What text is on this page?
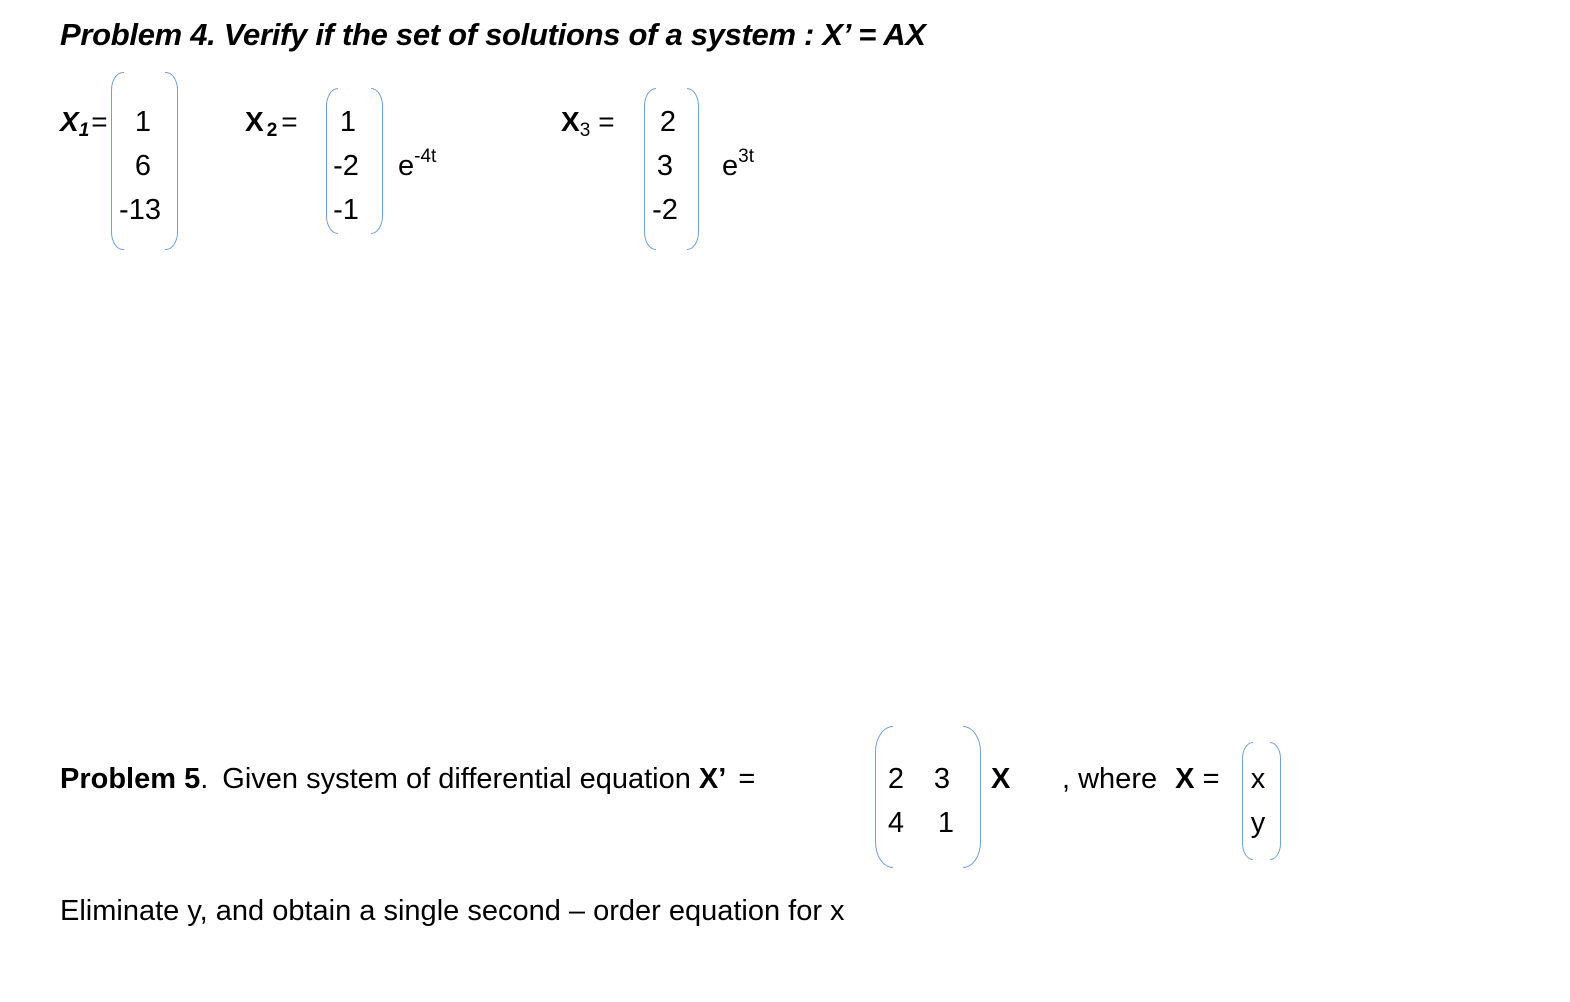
Problem 4. Verify if the set of solutions of a system : X’ = AX
X1= 1
6
-13
X 2 =	1
-2
-1
$e^{-4t}$
X3 =	2
3
-2
$e^{3t}$
Problem 5. Given system of differential equation X’ =	2 3
4 1
X , where X = x
y
Eliminate y, and obtain a single second – order equation for x
